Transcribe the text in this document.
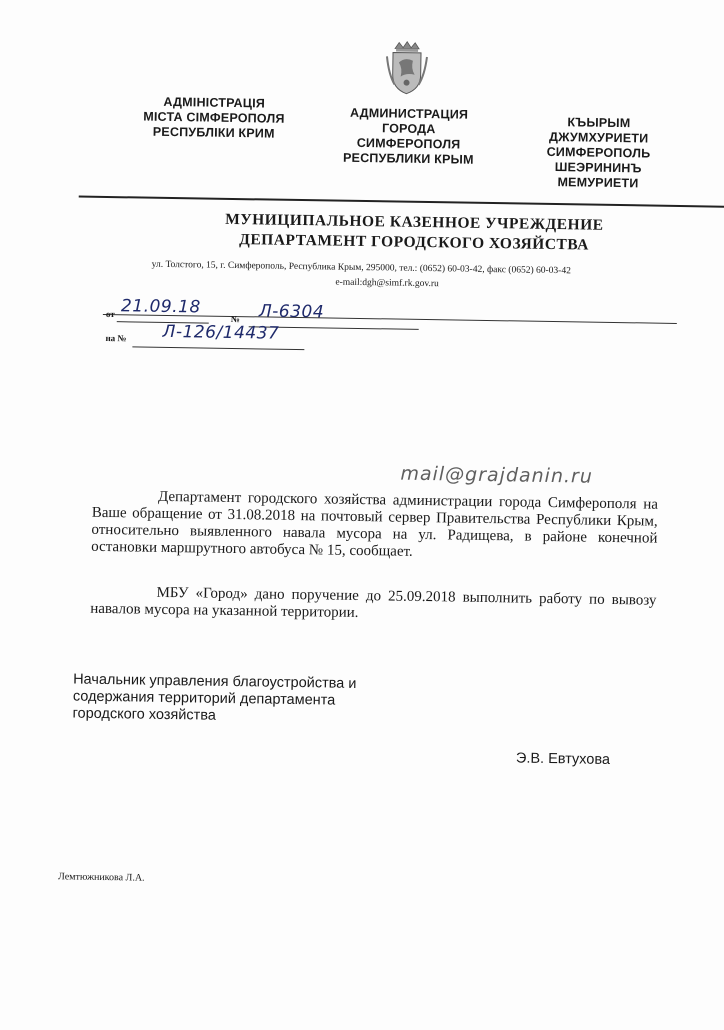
АДМІНІСТРАЦІЯ
МІСТА СІМФЕРОПОЛЯ
РЕСПУБЛІКИ КРИМ
АДМИНИСТРАЦИЯ
ГОРОДА
СИМФЕРОПОЛЯ
РЕСПУБЛИКИ КРЫМ
КЪЫРЫМ
ДЖУМХУРИЕТИ
СИМФЕРОПОЛЬ
ШЕЭРИНИНЪ
МЕМУРИЕТИ
МУНИЦИПАЛЬНОЕ КАЗЕННОЕ УЧРЕЖДЕНИЕ
ДЕПАРТАМЕНТ ГОРОДСКОГО ХОЗЯЙСТВА
ул. Толстого, 15, г. Симферополь, Республика Крым, 295000, тел.: (0652) 60-03-42, факс (0652) 60-03-42
e-mail:dgh@simf.rk.gov.ru
от 21.09.18
№ Л-6304
на № Л-126/14437
mail@grajdanin.ru

Департамент городского хозяйства администрации города Симферополя на Ваше обращение от 31.08.2018 на почтовый сервер Правительства Республики Крым, относительно выявленного навала мусора на ул. Радищева, в районе конечной остановки маршрутного автобуса № 15, сообщает.

МБУ «Город» дано поручение до 25.09.2018 выполнить работу по вывозу навалов мусора на указанной территории.

Начальник управления благоустройства и
содержания территорий департамента
городского хозяйства
Э.В. Евтухова
Лемтюжникова Л.А.
